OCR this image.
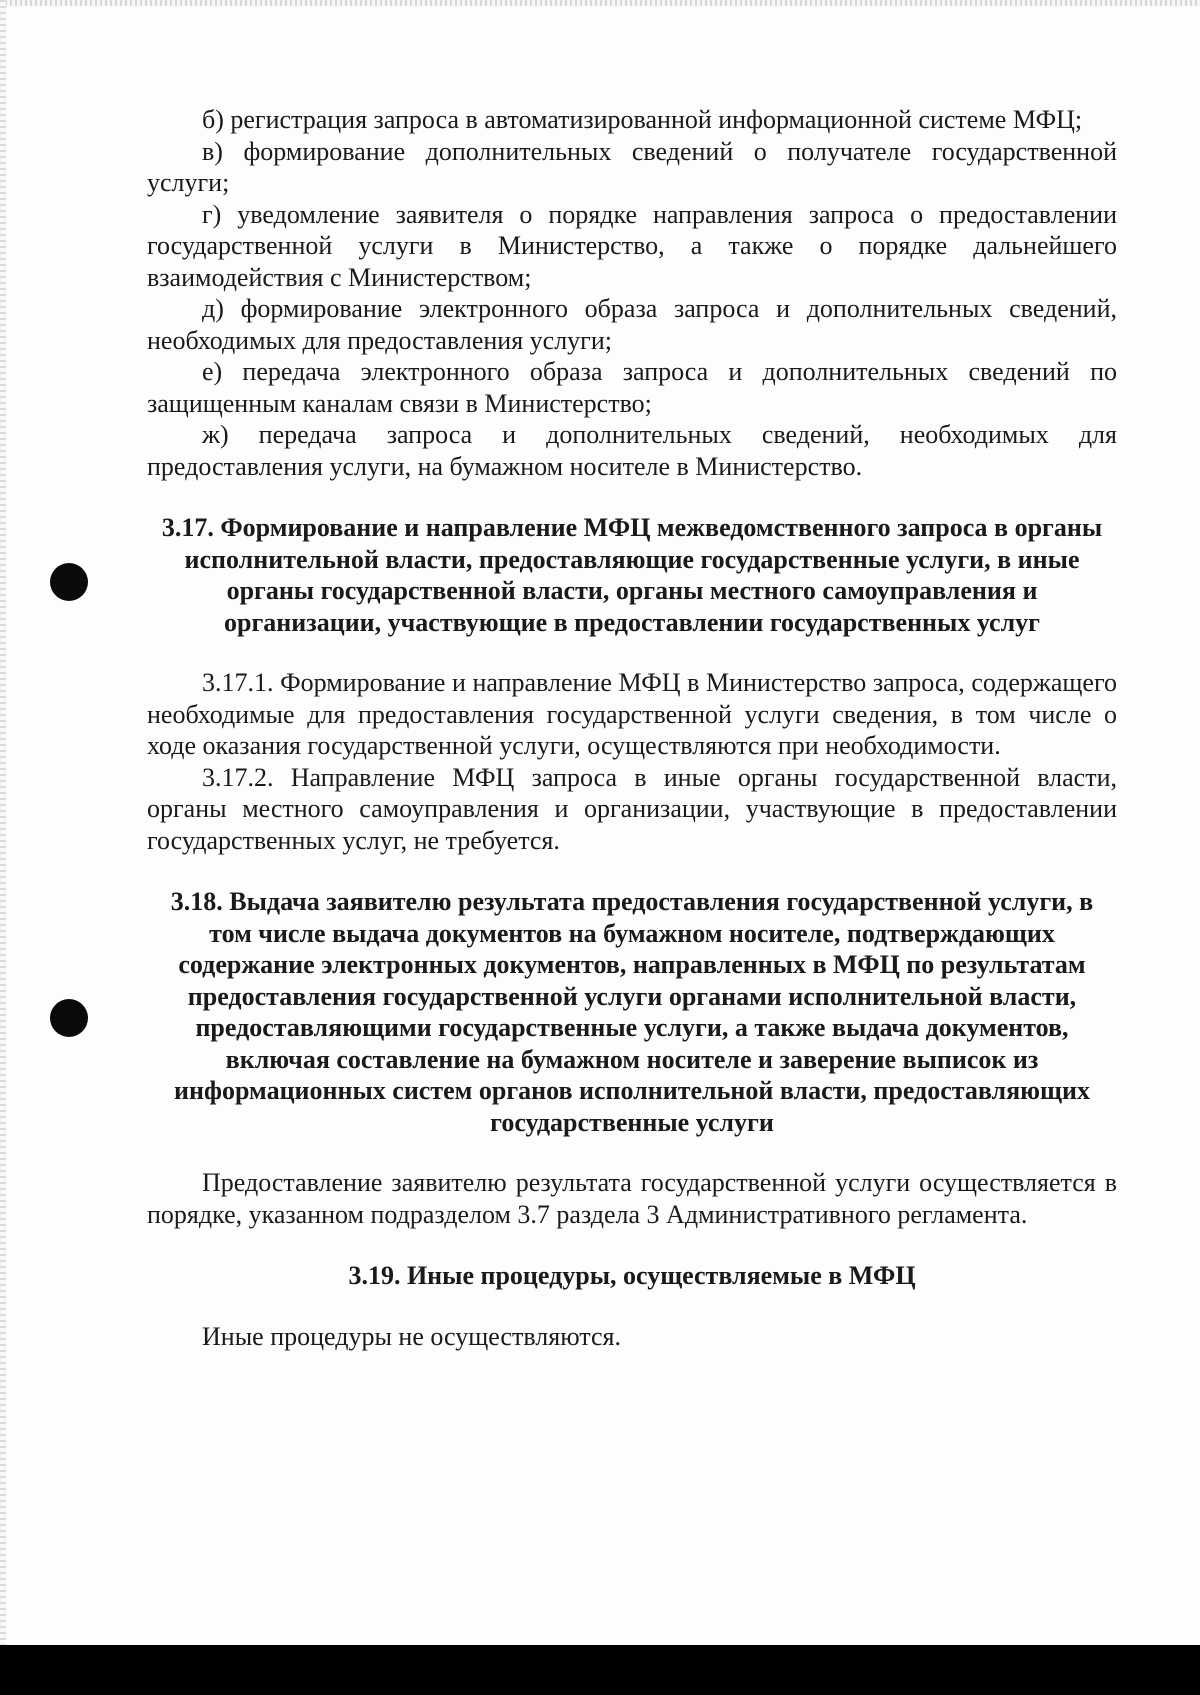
б) регистрация запроса в автоматизированной информационной системе МФЦ;

в) формирование дополнительных сведений о получателе государственной услуги;

г) уведомление заявителя о порядке направления запроса о предоставлении государственной услуги в Министерство, а также о порядке дальнейшего взаимодействия с Министерством;

д) формирование электронного образа запроса и дополнительных сведений, необходимых для предоставления услуги;

е) передача электронного образа запроса и дополнительных сведений по защищенным каналам связи в Министерство;

ж) передача запроса и дополнительных сведений, необходимых для предоставления услуги, на бумажном носителе в Министерство.

3.17. Формирование и направление МФЦ межведомственного запроса в органы исполнительной власти, предоставляющие государственные услуги, в иные органы государственной власти, органы местного самоуправления и организации, участвующие в предоставлении государственных услуг

3.17.1. Формирование и направление МФЦ в Министерство запроса, содержащего необходимые для предоставления государственной услуги сведения, в том числе о ходе оказания государственной услуги, осуществляются при необходимости.

3.17.2. Направление МФЦ запроса в иные органы государственной власти, органы местного самоуправления и организации, участвующие в предоставлении государственных услуг, не требуется.

3.18. Выдача заявителю результата предоставления государственной услуги, в том числе выдача документов на бумажном носителе, подтверждающих содержание электронных документов, направленных в МФЦ по результатам предоставления государственной услуги органами исполнительной власти, предоставляющими государственные услуги, а также выдача документов, включая составление на бумажном носителе и заверение выписок из информационных систем органов исполнительной власти, предоставляющих государственные услуги

Предоставление заявителю результата государственной услуги осуществляется в порядке, указанном подразделом 3.7 раздела 3 Административного регламента.

3.19. Иные процедуры, осуществляемые в МФЦ

Иные процедуры не осуществляются.
